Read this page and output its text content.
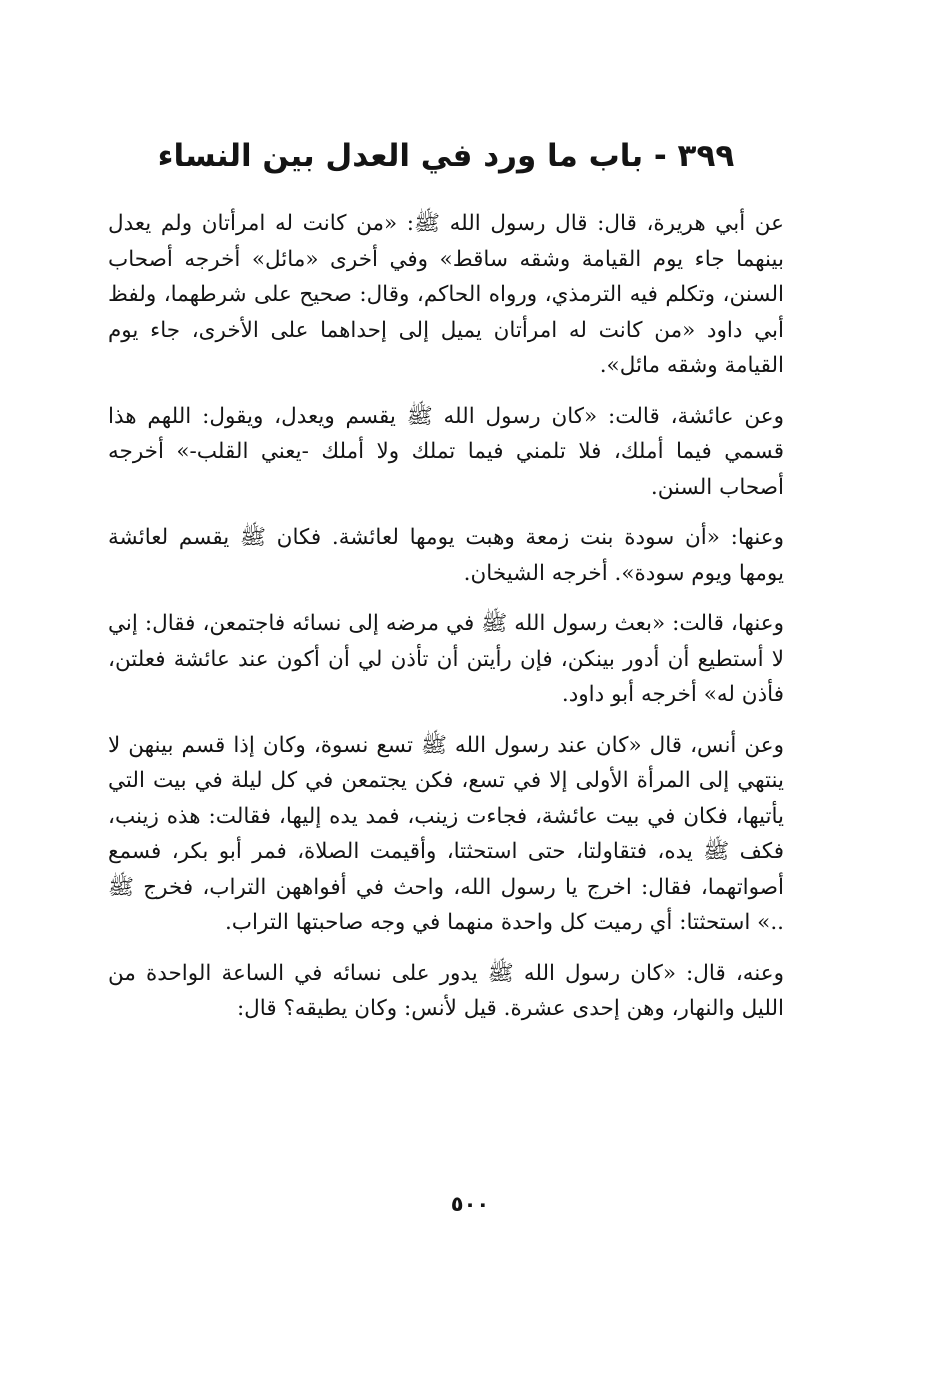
٣٩٩ - باب ما ورد في العدل بين النساء

عن أبي هريرة، قال: قال رسول الله ﷺ: «من كانت له امرأتان ولم يعدل بينهما جاء يوم القيامة وشقه ساقط» وفي أخرى «مائل» أخرجه أصحاب السنن، وتكلم فيه الترمذي، ورواه الحاكم، وقال: صحيح على شرطهما، ولفظ أبي داود «من كانت له امرأتان يميل إلى إحداهما على الأخرى، جاء يوم القيامة وشقه مائل».

وعن عائشة، قالت: «كان رسول الله ﷺ يقسم ويعدل، ويقول: اللهم هذا قسمي فيما أملك، فلا تلمني فيما تملك ولا أملك -يعني القلب-» أخرجه أصحاب السنن.

وعنها: «أن سودة بنت زمعة وهبت يومها لعائشة. فكان ﷺ يقسم لعائشة يومها ويوم سودة». أخرجه الشيخان.

وعنها، قالت: «بعث رسول الله ﷺ في مرضه إلى نسائه فاجتمعن، فقال: إني لا أستطيع أن أدور بينكن، فإن رأيتن أن تأذن لي أن أكون عند عائشة فعلتن، فأذن له» أخرجه أبو داود.

وعن أنس، قال «كان عند رسول الله ﷺ تسع نسوة، وكان إذا قسم بينهن لا ينتهي إلى المرأة الأولى إلا في تسع، فكن يجتمعن في كل ليلة في بيت التي يأتيها، فكان في بيت عائشة، فجاءت زينب، فمد يده إليها، فقالت: هذه زينب، فكف ﷺ يده، فتقاولتا، حتى استحثتا، وأقيمت الصلاة، فمر أبو بكر، فسمع أصواتهما، فقال: اخرج يا رسول الله، واحث في أفواههن التراب، فخرج ﷺ ..» استحثتا: أي رميت كل واحدة منهما في وجه صاحبتها التراب.

وعنه، قال: «كان رسول الله ﷺ يدور على نسائه في الساعة الواحدة من الليل والنهار، وهن إحدى عشرة. قيل لأنس: وكان يطيقه؟ قال:

٥٠٠
